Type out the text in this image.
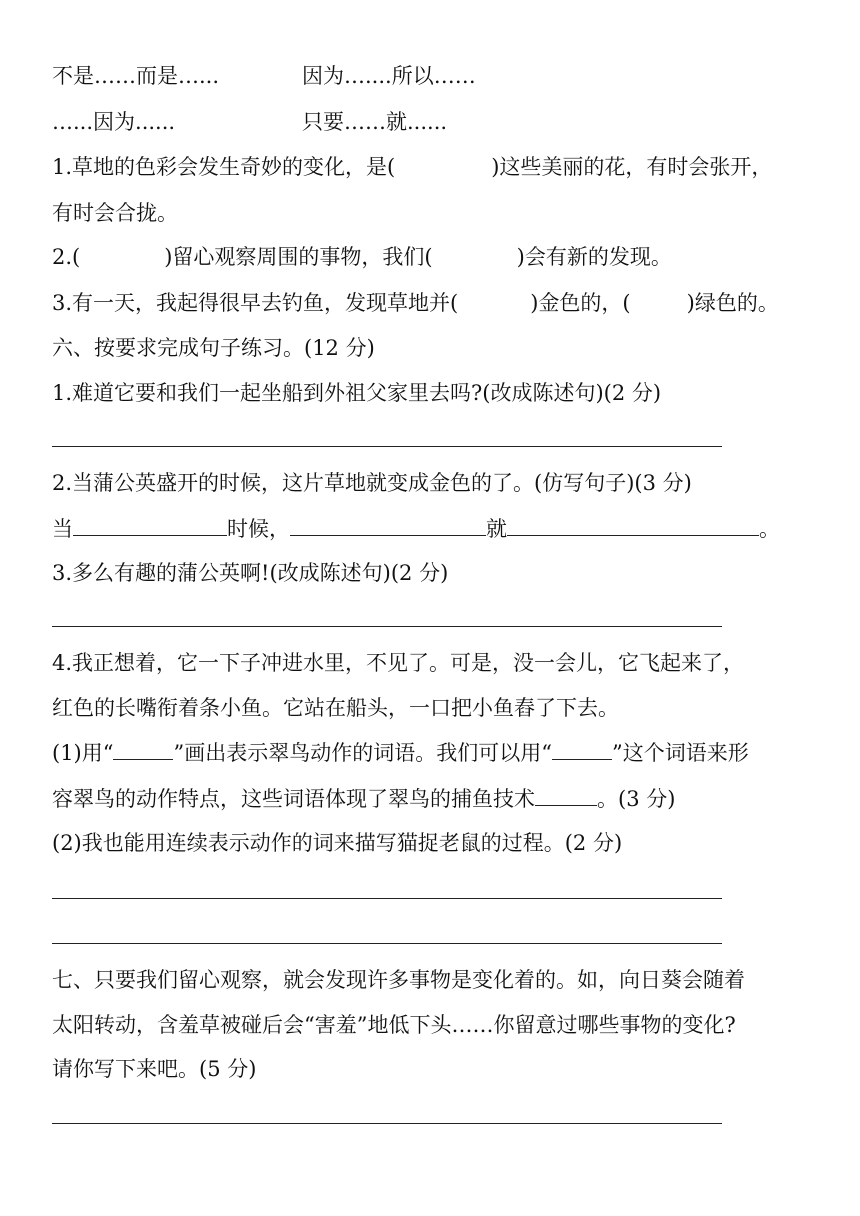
不是……而是…...	因为…....所以……
…...因为......	只要……就......
1.草地的色彩会发生奇妙的变化，是(	)这些美丽的花，有时会张开，
有时会合拢。
2.(	)留心观察周围的事物，我们(	)会有新的发现。
3.有一天，我起得很早去钓鱼，发现草地并(	)金色的，(	)绿色的。
六、按要求完成句子练习。(12 分)
1.难道它要和我们一起坐船到外祖父家里去吗?(改成陈述句)(2 分)
2.当蒲公英盛开的时候，这片草地就变成金色的了。(仿写句子)(3 分)
当	时候，	就	。
3.多么有趣的蒲公英啊!(改成陈述句)(2 分)
4.我正想着，它一下子冲进水里，不见了。可是，没一会儿，它飞起来了，
红色的长嘴衔着条小鱼。它站在船头，一口把小鱼舂了下去。
(1)用“	”画出表示翠鸟动作的词语。我们可以用“	”这个词语来形
容翠鸟的动作特点，这些词语体现了翠鸟的捕鱼技术	。(3 分)
(2)我也能用连续表示动作的词来描写猫捉老鼠的过程。(2 分)
七、只要我们留心观察，就会发现许多事物是变化着的。如，向日葵会随着
太阳转动，含羞草被碰后会“害羞”地低下头……你留意过哪些事物的变化?
请你写下来吧。(5 分)
